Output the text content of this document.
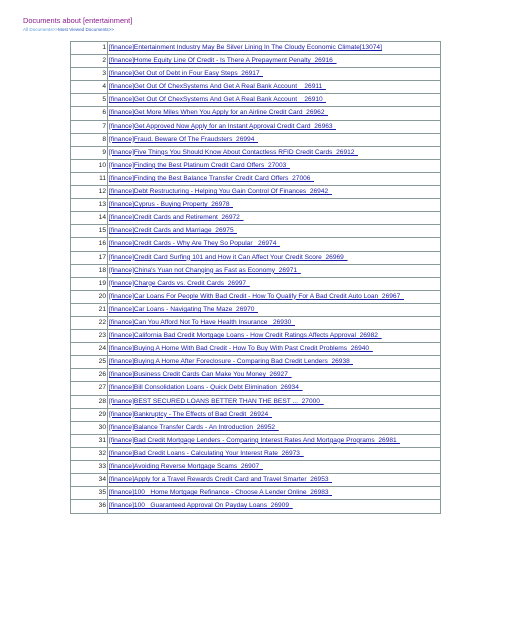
Documents about [entertainment]
All Documents>>Most Viewed Documents>>
1 [finance]Entertainment Industry May Be Silver Lining In The Cloudy Economic Climate[13074]
2 [finance]Home Equity Line Of Credit - Is There A Prepayment Penalty_26916_
3 [finance]Get Out of Debt in Four Easy Steps_26917_
4 [finance]Get Out Of ChexSystems And Get A Real Bank Account__26911_
5 [finance]Get Out Of ChexSystems And Get A Real Bank Account__26910_
6 [finance]Get More Miles When You Apply for an Airline Credit Card_26962_
7 [finance]Get Approved Now Apply for an Instant Approval Credit Card_26963_
8 [finance]Fraud. Beware Of The Fraudsters_26994_
9 [finance]Five Things You Should Know About Contactless RFID Credit Cards_26912_
10 [finance]Finding the Best Platinum Credit Card Offers_27003_
11 [finance]Finding the Best Balance Transfer Credit Card Offers_27006_
12 [finance]Debt Restructuring - Helping You Gain Control Of Finances_26942_
13 [finance]Cyprus - Buying Property_26978_
14 [finance]Credit Cards and Retirement_26972_
15 [finance]Credit Cards and Marriage_26975_
16 [finance]Credit Cards - Why Are They So Popular _26974_
17 [finance]Credit Card Surfing 101 and How it Can Affect Your Credit Score_26969_
18 [finance]China's Yuan not Changing as Fast as Economy_26971_
19 [finance]Charge Cards vs. Credit Cards_26997_
20 [finance]Car Loans For People With Bad Credit - How To Qualify For A Bad Credit Auto Loan_26967_
21 [finance]Car Loans - Navigating The Maze_26970_
22 [finance]Can You Afford Not To Have Health Insurance _26930_
23 [finance]California Bad Credit Mortgage Loans - How Credit Ratings Affects Approval_26982_
24 [finance]Buying A Home With Bad Credit - How To Buy With Past Credit Problems_26940_
25 [finance]Buying A Home After Foreclosure - Comparing Bad Credit Lenders_26938_
26 [finance]Business Credit Cards Can Make You Money_26927_
27 [finance]Bill Consolidation Loans - Quick Debt Elimination_26934_
28 [finance]BEST SECURED LOANS BETTER THAN THE BEST ..._27000_
29 [finance]Bankruptcy - The Effects of Bad Credit_26924_
30 [finance]Balance Transfer Cards - An Introduction_26952_
31 [finance]Bad Credit Mortgage Lenders - Comparing Interest Rates And Mortgage Programs_26981_
32 [finance]Bad Credit Loans - Calculating Your Interest Rate_26973_
33 [finance]Avoiding Reverse Mortgage Scams_26907_
34 [finance]Apply for a Travel Rewards Credit Card and Travel Smarter_26953_
35 [finance]100_ Home Mortgage Refinance - Choose A Lender Online_26983_
36 [finance]100_ Guaranteed Approval On Payday Loans_26909_
